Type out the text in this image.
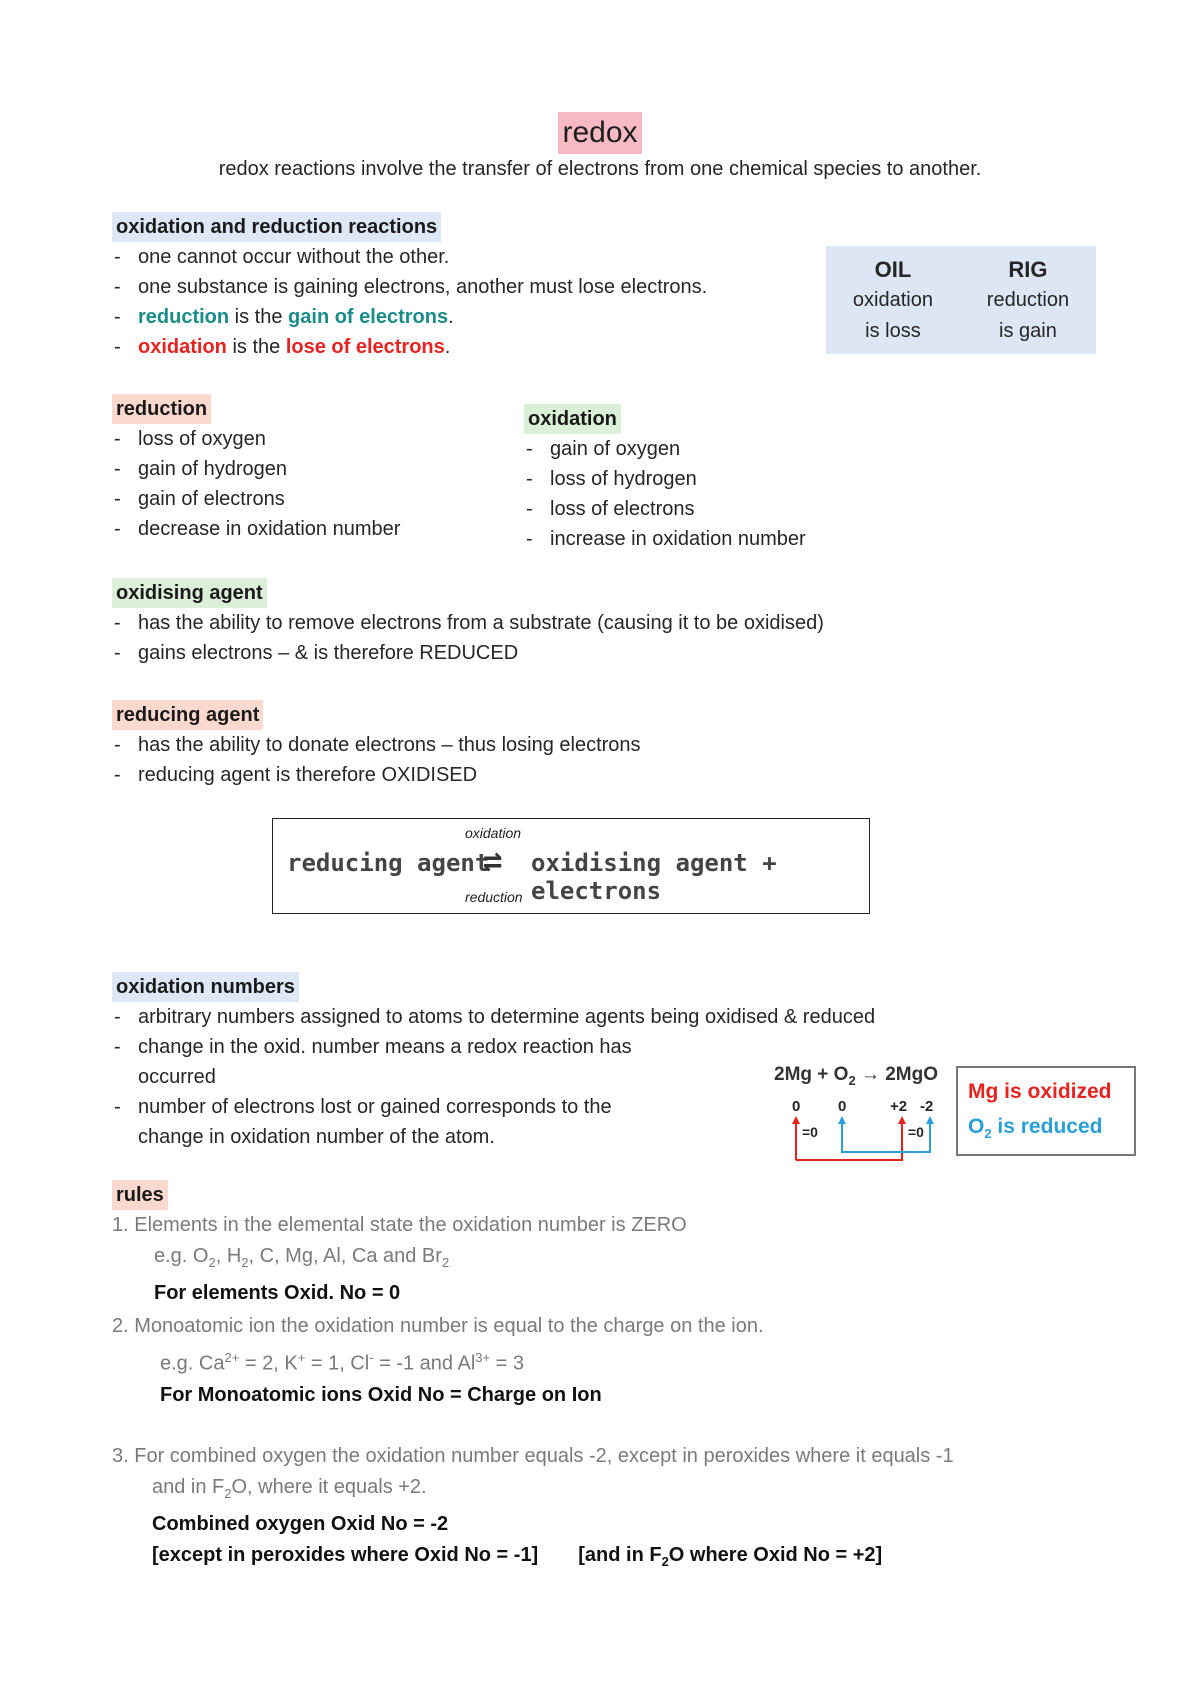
redox
redox reactions involve the transfer of electrons from one chemical species to another.
oxidation and reduction reactions
- one cannot occur without the other.
- one substance is gaining electrons, another must lose electrons.
- reduction is the gain of electrons.
- oxidation is the lose of electrons.
OIL
oxidation
is loss
RIG
reduction
is gain
reduction
- loss of oxygen
- gain of hydrogen
- gain of electrons
- decrease in oxidation number
oxidation
- gain of oxygen
- loss of hydrogen
- loss of electrons
- increase in oxidation number
oxidising agent
- has the ability to remove electrons from a substrate (causing it to be oxidised)
- gains electrons – & is therefore REDUCED
reducing agent
- has the ability to donate electrons – thus losing electrons
- reducing agent is therefore OXIDISED
oxidation
reducing agent
⇌ oxidising agent + electrons
reduction
oxidation numbers
- arbitrary numbers assigned to atoms to determine agents being oxidised & reduced
- change in the oxid. number means a redox reaction has
occurred
- number of electrons lost or gained corresponds to the
change in oxidation number of the atom.
$2Mg + O_2 \to 2MgO$
0	0	+2 -2
=0	=0
Mg is oxidized
$O_2$ is reduced
rules
1. Elements in the elemental state the oxidation number is ZERO
e.g. $O_2$, $H_2$, C, Mg, Al, Ca and $Br_2$
For elements Oxid. No = 0
2. Monoatomic ion the oxidation number is equal to the charge on the ion.
e.g. $Ca^{2+} = 2$, K+ = 1, Cl- = -1 and $Al^{3+} = 3$
For Monoatomic ions Oxid No = Charge on Ion
3. For combined oxygen the oxidation number equals -2, except in peroxides where it equals -1
and in $F_2O$, where it equals +2.
Combined oxygen Oxid No = -2
[except in peroxides where Oxid No = -1] [and in $F_2O$ where Oxid No = +2]
